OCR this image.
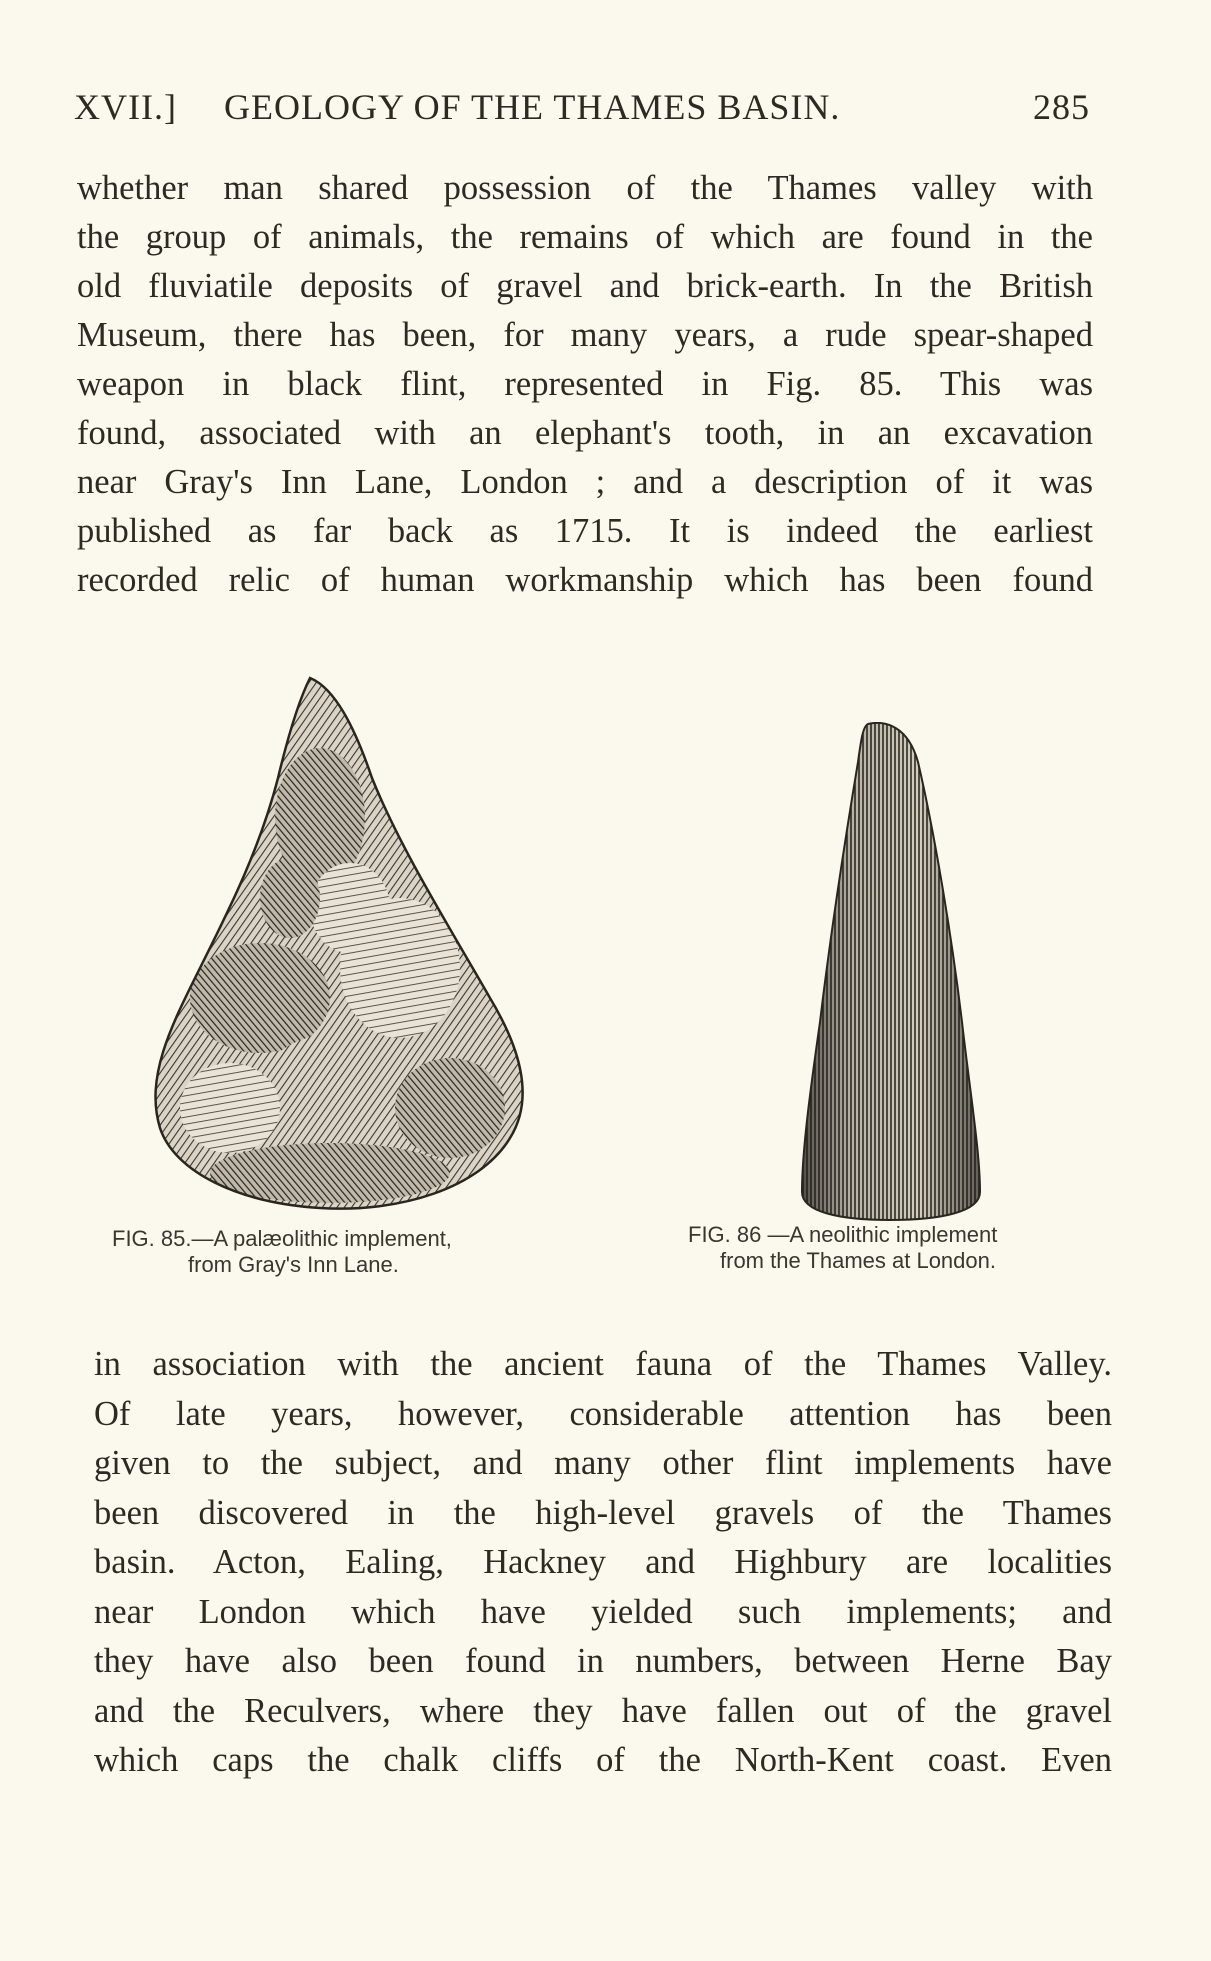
XVII.] GEOLOGY OF THE THAMES BASIN.	285
whether man shared possession of the Thames valley with
the group of animals, the remains of which are found in the
old fluviatile deposits of gravel and brick-earth. In the British
Museum, there has been, for many years, a rude spear-shaped
weapon in black flint, represented in Fig. 85. This was
found, associated with an elephant's tooth, in an excavation
near Gray's Inn Lane, London ; and a description of it was
published as far back as 1715. It is indeed the earliest
recorded relic of human workmanship which has been found
FIG. 85.—A palæolithic implement,
from Gray's Inn Lane.
FIG. 86 —A neolithic implement
from the Thames at London.
in association with the ancient fauna of the Thames Valley.
Of late years, however, considerable attention has been
given to the subject, and many other flint implements have
been discovered in the high-level gravels of the Thames
basin. Acton, Ealing, Hackney and Highbury are localities
near London which have yielded such implements; and
they have also been found in numbers, between Herne Bay
and the Reculvers, where they have fallen out of the gravel
which caps the chalk cliffs of the North-Kent coast. Even
